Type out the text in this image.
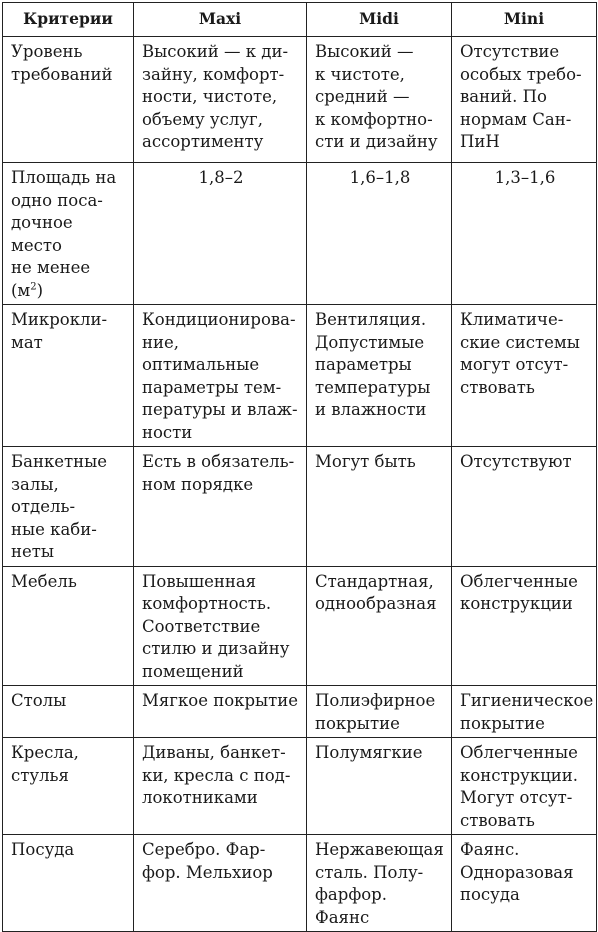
Критерии	Maxi	Midi	Mini

Уровень
требований	Высокий — к ди-
зайну, комфорт-
ности, чистоте,
объему услуг,
ассортименту	Высокий —
к чистоте,
средний —
к комфортно-
сти и дизайну	Отсутствие
особых требо-
ваний. По
нормам Сан-
ПиН

Площадь на
одно поса-
дочное место
не менее $(м^2)$	1,8–2	1,6–1,8	1,3–1,6

Микрокли-
мат	Кондиционирова-
ние, оптимальные
параметры тем-
пературы и влаж-
ности	Вентиляция.
Допустимые
параметры
температуры
и влажности	Климатиче-
ские системы
могут отсут-
ствовать

Банкетные
залы, отдель-
ные каби-
неты	Есть в обязатель-
ном порядке	Могут быть	Отсутствуют

Мебель	Повышенная
комфортность.
Соответствие
стилю и дизайну
помещений	Стандартная,
однообразная	Облегченные
конструкции

Столы	Мягкое покрытие	Полиэфирное
покрытие	Гигиеническое
покрытие

Кресла,
стулья	Диваны, банкет-
ки, кресла с под-
локотниками	Полумягкие	Облегченные
конструкции.
Могут отсут-
ствовать

Посуда	Серебро. Фар-
фор. Мельхиор	Нержавеющая
сталь. Полу-
фарфор.
Фаянс	Фаянс.
Одноразовая
посуда
